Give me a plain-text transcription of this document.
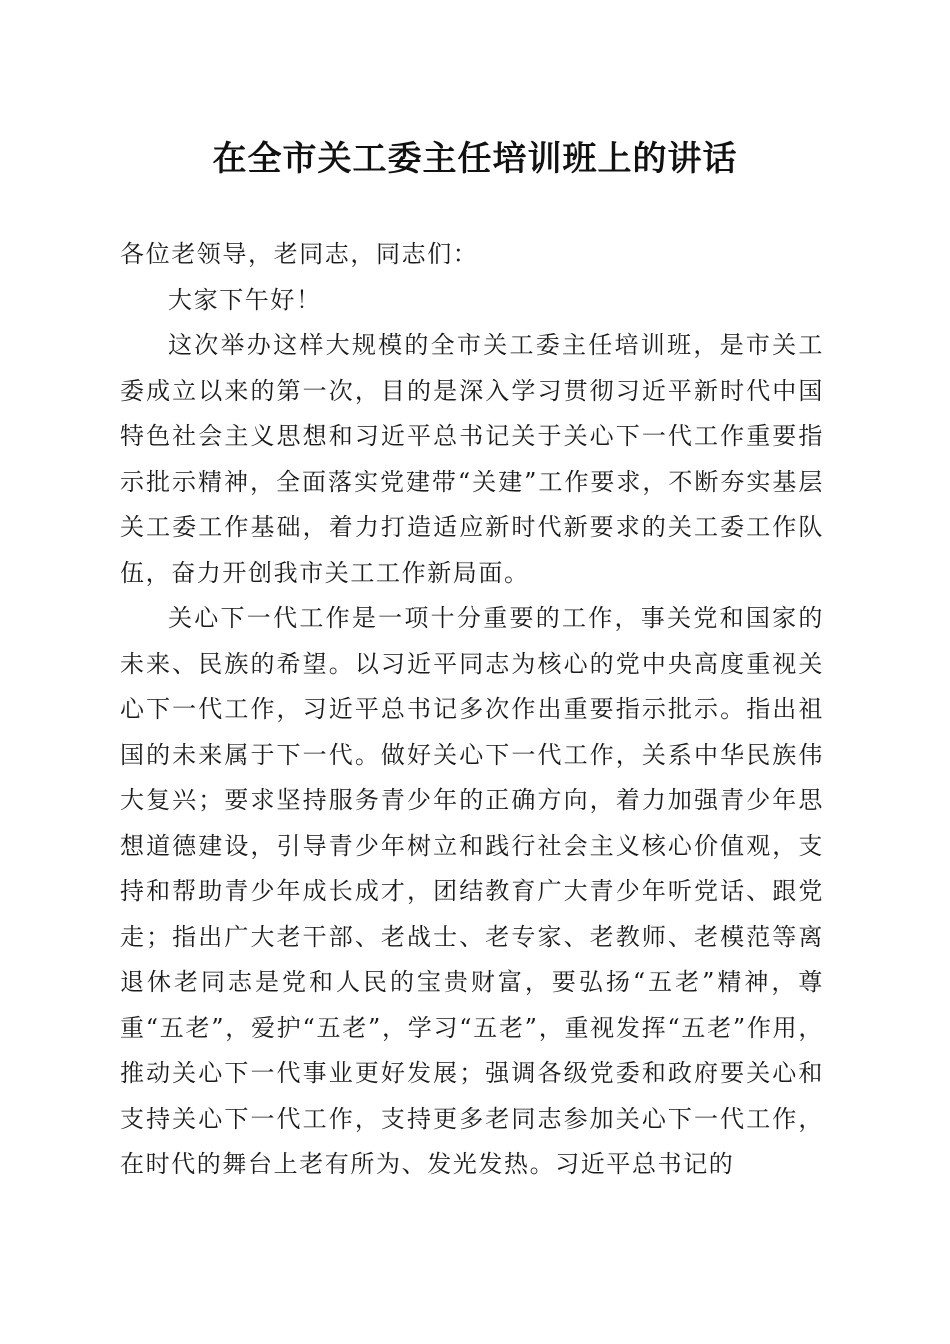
在全市关工委主任培训班上的讲话

各位老领导，老同志，同志们：

大家下午好！

这次举办这样大规模的全市关工委主任培训班，是市关工委成立以来的第一次，目的是深入学习贯彻习近平新时代中国特色社会主义思想和习近平总书记关于关心下一代工作重要指示批示精神，全面落实党建带“关建”工作要求，不断夯实基层关工委工作基础，着力打造适应新时代新要求的关工委工作队伍，奋力开创我市关工工作新局面。

关心下一代工作是一项十分重要的工作，事关党和国家的未来、民族的希望。以习近平同志为核心的党中央高度重视关心下一代工作，习近平总书记多次作出重要指示批示。指出祖国的未来属于下一代。做好关心下一代工作，关系中华民族伟大复兴；要求坚持服务青少年的正确方向，着力加强青少年思想道德建设，引导青少年树立和践行社会主义核心价值观，支持和帮助青少年成长成才，团结教育广大青少年听党话、跟党走；指出广大老干部、老战士、老专家、老教师、老模范等离退休老同志是党和人民的宝贵财富，要弘扬“五老”精神，尊重“五老”，爱护“五老”，学习“五老”，重视发挥“五老”作用，推动关心下一代事业更好发展；强调各级党委和政府要关心和支持关心下一代工作，支持更多老同志参加关心下一代工作，在时代的舞台上老有所为、发光发热。习近平总书记的
